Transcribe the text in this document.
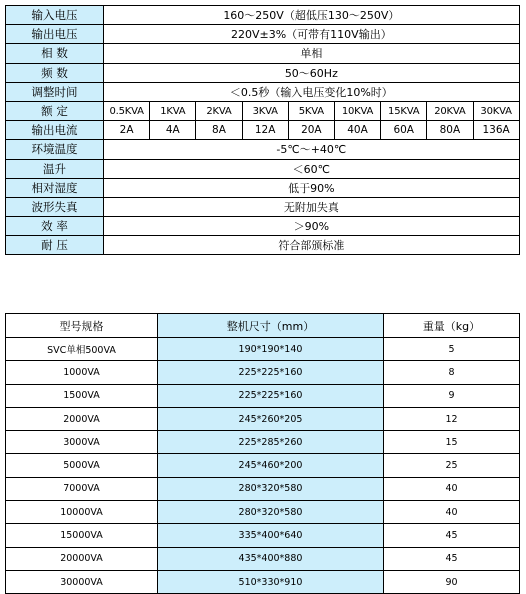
输入电压	160～250V（超低压130～250V）								
输出电压	220V±3%（可带有110V输出）								
相 数	单相								
频 数	50～60Hz								
调整时间	＜0.5秒（输入电压变化10%时）								
额 定	0.5KVA	1KVA	2KVA	3KVA	5KVA	10KVA	15KVA	20KVA	30KVA
输出电流	2A	4A	8A	12A	20A	40A	60A	80A	136A
环境温度	-5℃～+40℃								
温升	＜60℃								
相对湿度	低于90%								
波形失真	无附加失真								
效 率	＞90%								
耐 压	符合部颁标准								
型号规格	整机尺寸（mm）	重量（kg）
SVC单相500VA	190*190*140	5
1000VA	225*225*160	8
1500VA	225*225*160	9
2000VA	245*260*205	12
3000VA	225*285*260	15
5000VA	245*460*200	25
7000VA	280*320*580	40
10000VA	280*320*580	40
15000VA	335*400*640	45
20000VA	435*400*880	45
30000VA	510*330*910	90
